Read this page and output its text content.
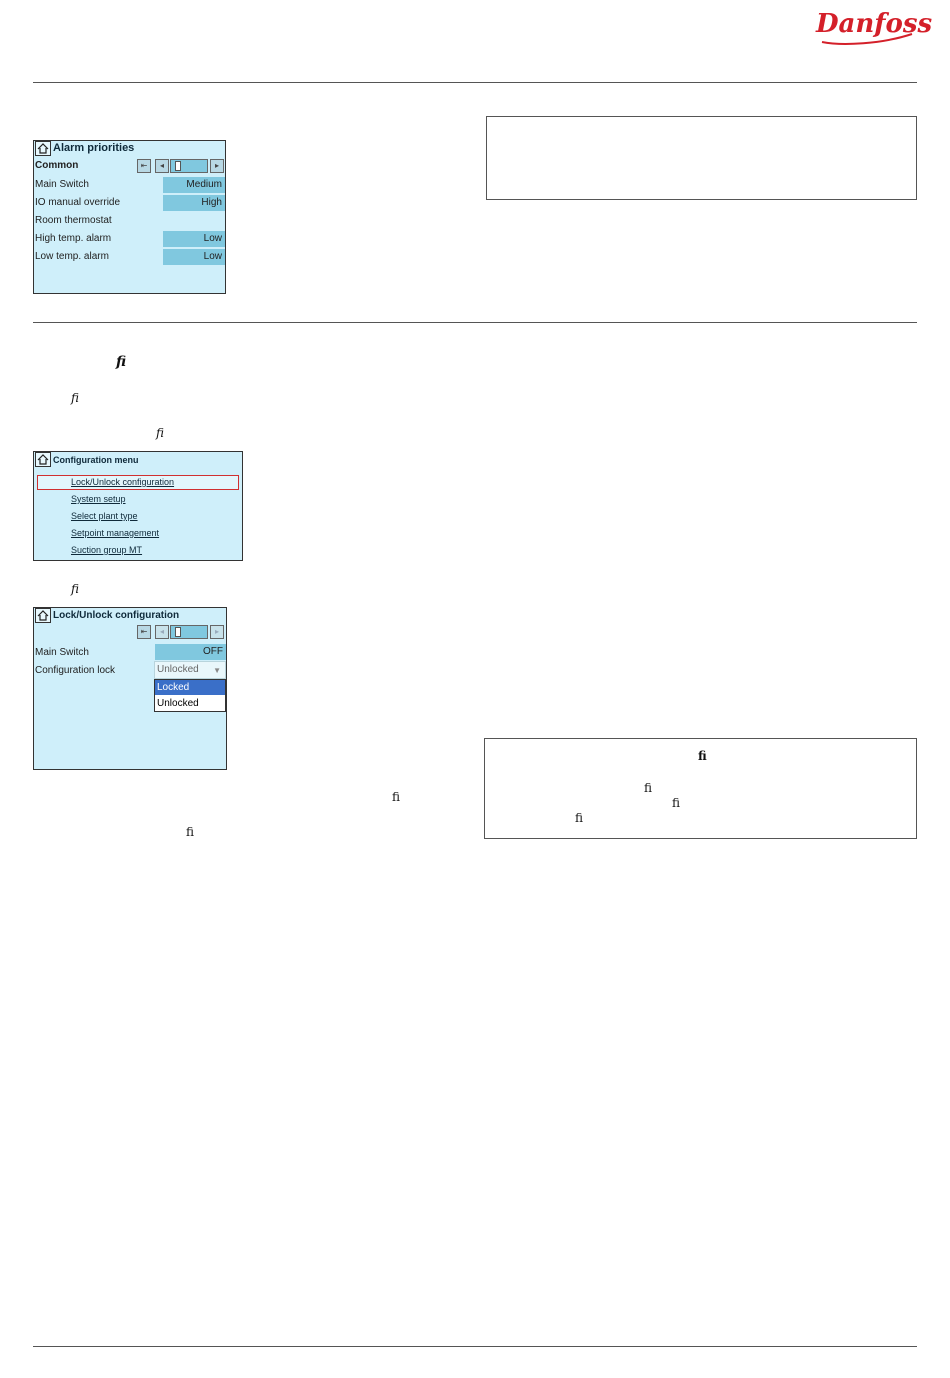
Danfoss
Alarm priorities
Common	⇤	◂	▸
Main Switch	Medium
IO manual override	High
Room thermostat
High temp. alarm	Low
Low temp. alarm	Low
ﬁ
ﬁ
ﬁ
Configuration menu
Lock/Unlock configuration
System setup
Select plant type
Setpoint management
Suction group MT
ﬁ
Lock/Unlock configuration
⇤	◂	▸
Main Switch	OFF
Configuration lock	Unlocked ▼
Locked
Unlocked
ﬁ
ﬁ
ﬁ
ﬁ
ﬁ
ﬁ
